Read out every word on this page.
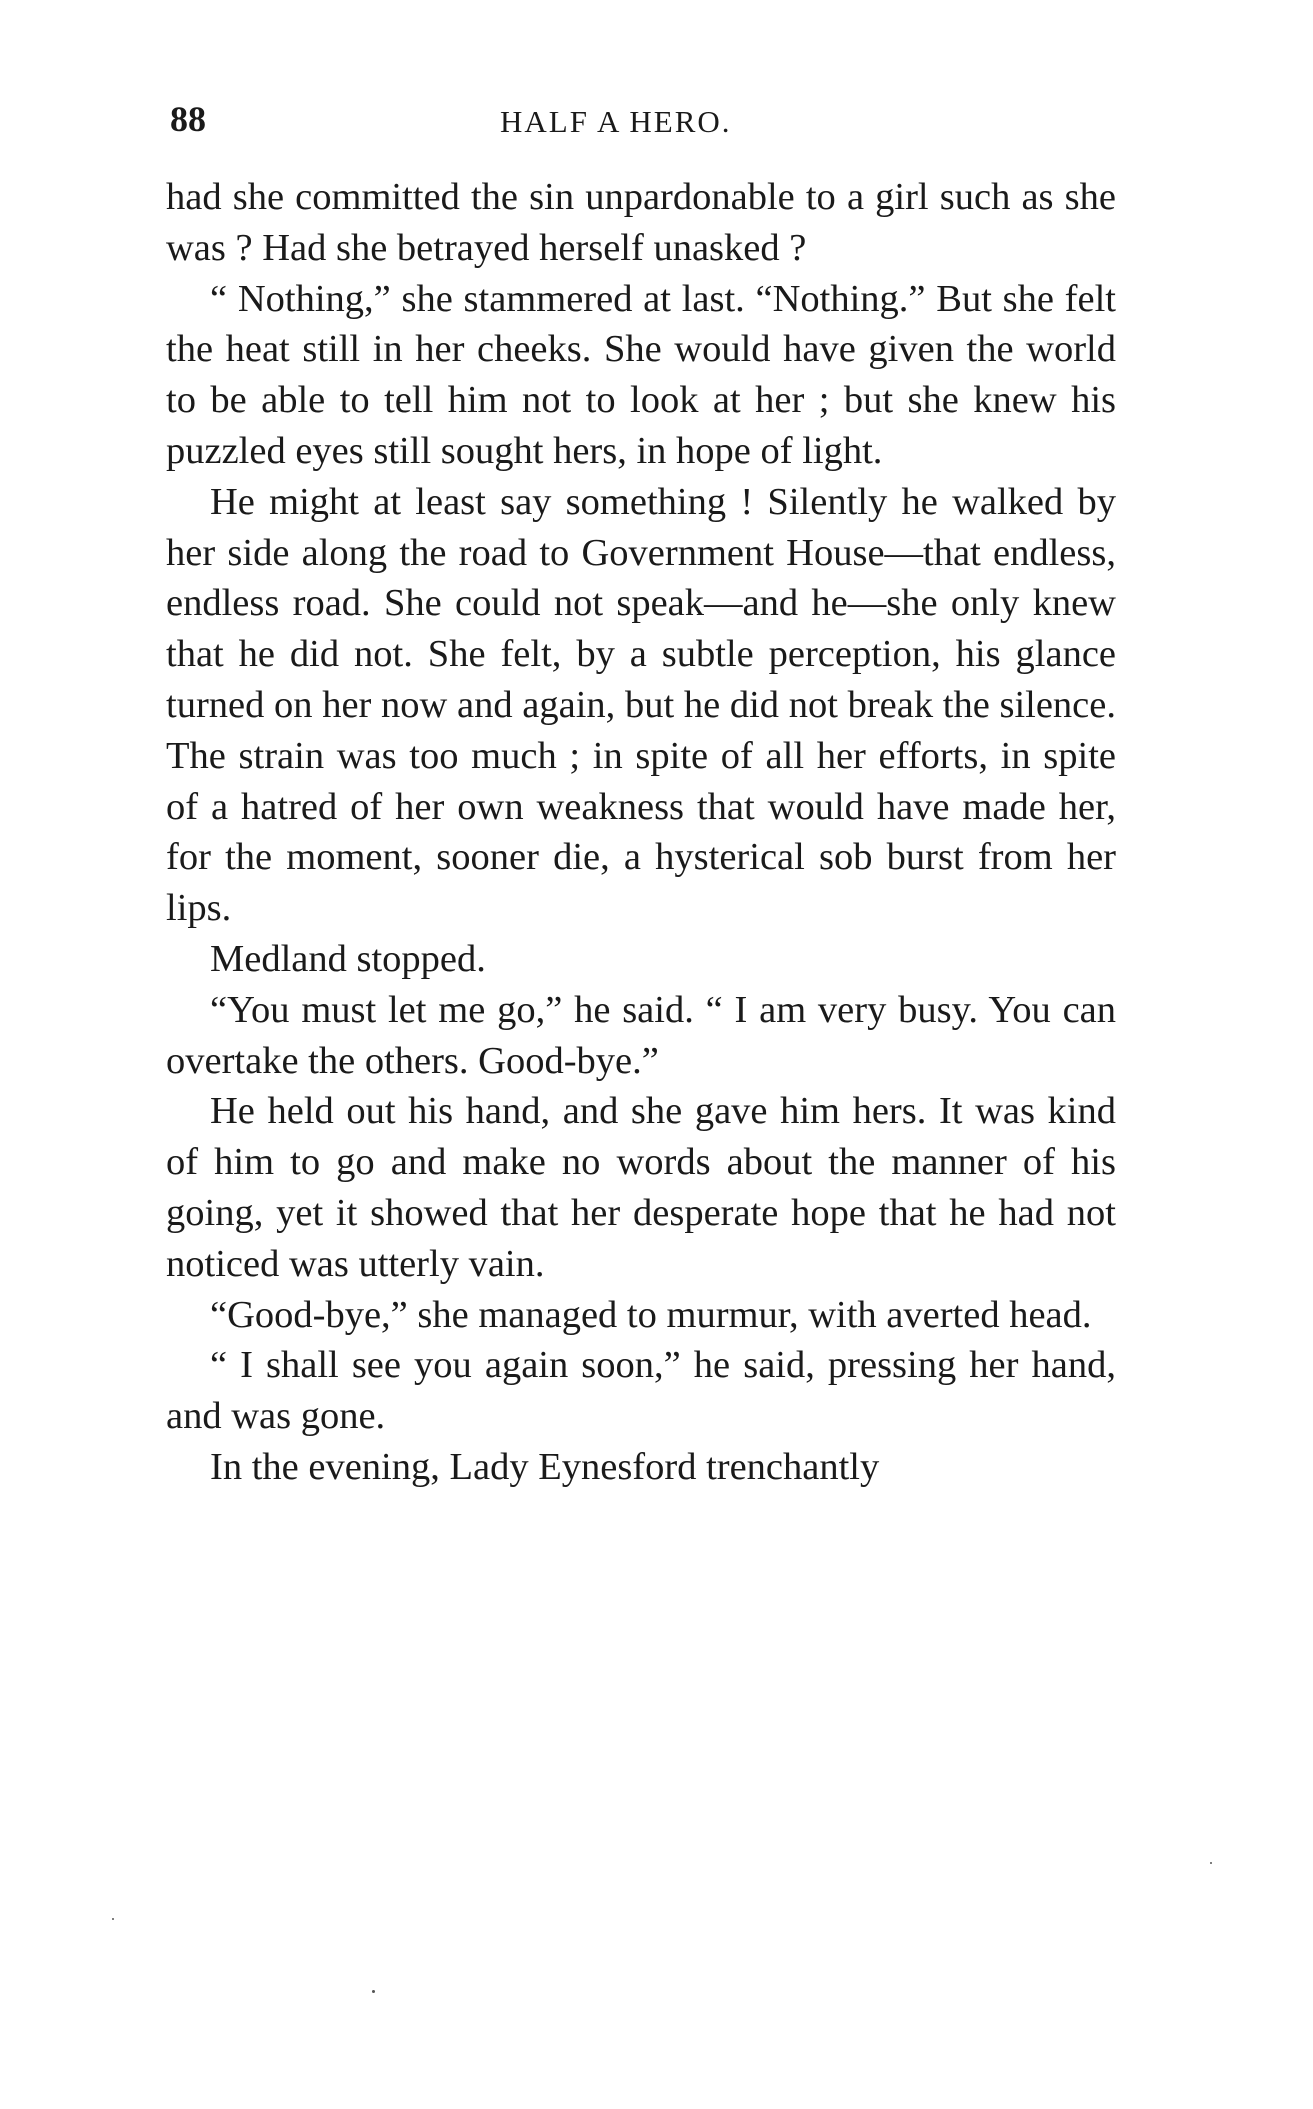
88	HALF A HERO.

had she committed the sin unpardonable to a girl such as she was ? Had she betrayed herself unasked ?

“ Nothing,” she stammered at last. “Nothing.” But she felt the heat still in her cheeks. She would have given the world to be able to tell him not to look at her ; but she knew his puzzled eyes still sought hers, in hope of light.

He might at least say something ! Silently he walked by her side along the road to Government House—that endless, endless road. She could not speak—and he—she only knew that he did not. She felt, by a subtle perception, his glance turned on her now and again, but he did not break the silence. The strain was too much ; in spite of all her efforts, in spite of a hatred of her own weakness that would have made her, for the moment, sooner die, a hysterical sob burst from her lips.

Medland stopped.

“You must let me go,” he said. “ I am very busy. You can overtake the others. Good-bye.”

He held out his hand, and she gave him hers. It was kind of him to go and make no words about the manner of his going, yet it showed that her desperate hope that he had not noticed was utterly vain.

“Good-bye,” she managed to murmur, with averted head.

“ I shall see you again soon,” he said, pressing her hand, and was gone.

In the evening, Lady Eynesford trenchantly
